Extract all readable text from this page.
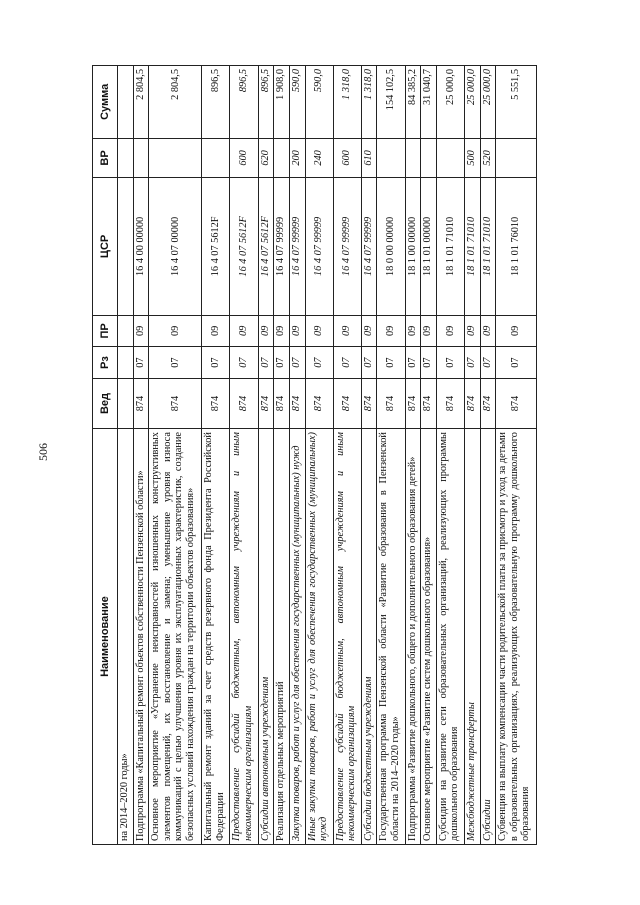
506
Наименование	Вед	Рз	ПР	ЦСР	ВР	Сумма
на 2014–2020 годы»						
Подпрограмма «Капитальный ремонт объектов собственности Пензенской области»	874	07	09	16 4 00 00000		2 804,5
Основное мероприятие «Устранение неисправностей изношенных конструктивных элементов помещений, их восстановление и замена; уменьшение уровня износа коммуникаций с целью улучшения уровня их эксплуатационных характеристик, создание безопасных условий нахождения граждан на территории объектов образования»	874	07	09	16 4 07 00000		2 804,5
Капитальный ремонт зданий за счет средств резервного фонда Президента Российской Федерации	874	07	09	16 4 07 5612F		896,5
Предоставление субсидий бюджетным, автономным учреждениям и иным некоммерческим организациям	874	07	09	16 4 07 5612F	600	896,5
Субсидии автономным учреждениям	874	07	09	16 4 07 5612F	620	896,5
Реализация отдельных мероприятий	874	07	09	16 4 07 99999		1 908,0
Закупка товаров, работ и услуг для обеспечения государственных (муниципальных) нужд	874	07	09	16 4 07 99999	200	590,0
Иные закупки товаров, работ и услуг для обеспечения государственных (муниципальных) нужд	874	07	09	16 4 07 99999	240	590,0
Предоставление субсидий бюджетным, автономным учреждениям и иным некоммерческим организациям	874	07	09	16 4 07 99999	600	1 318,0
Субсидии бюджетным учреждениям	874	07	09	16 4 07 99999	610	1 318,0
Государственная программа Пензенской области «Развитие образования в Пензенской области на 2014–2020 годы»	874	07	09	18 0 00 00000		154 102,5
Подпрограмма «Развитие дошкольного, общего и дополнительного образования детей»	874	07	09	18 1 00 00000		84 385,2
Основное мероприятие «Развитие систем дошкольного образования»	874	07	09	18 1 01 00000		31 040,7
Субсидии на развитие сети образовательных организаций, реализующих программы дошкольного образования	874	07	09	18 1 01 71010		25 000,0
Межбюджетные трансферты	874	07	09	18 1 01 71010	500	25 000,0
Субсидии	874	07	09	18 1 01 71010	520	25 000,0
Субвенция на выплату компенсации части родительской платы за присмотр и уход за детьми в образовательных организациях, реализующих образовательную программу дошкольного образования	874	07	09	18 1 01 76010		5 551,5
